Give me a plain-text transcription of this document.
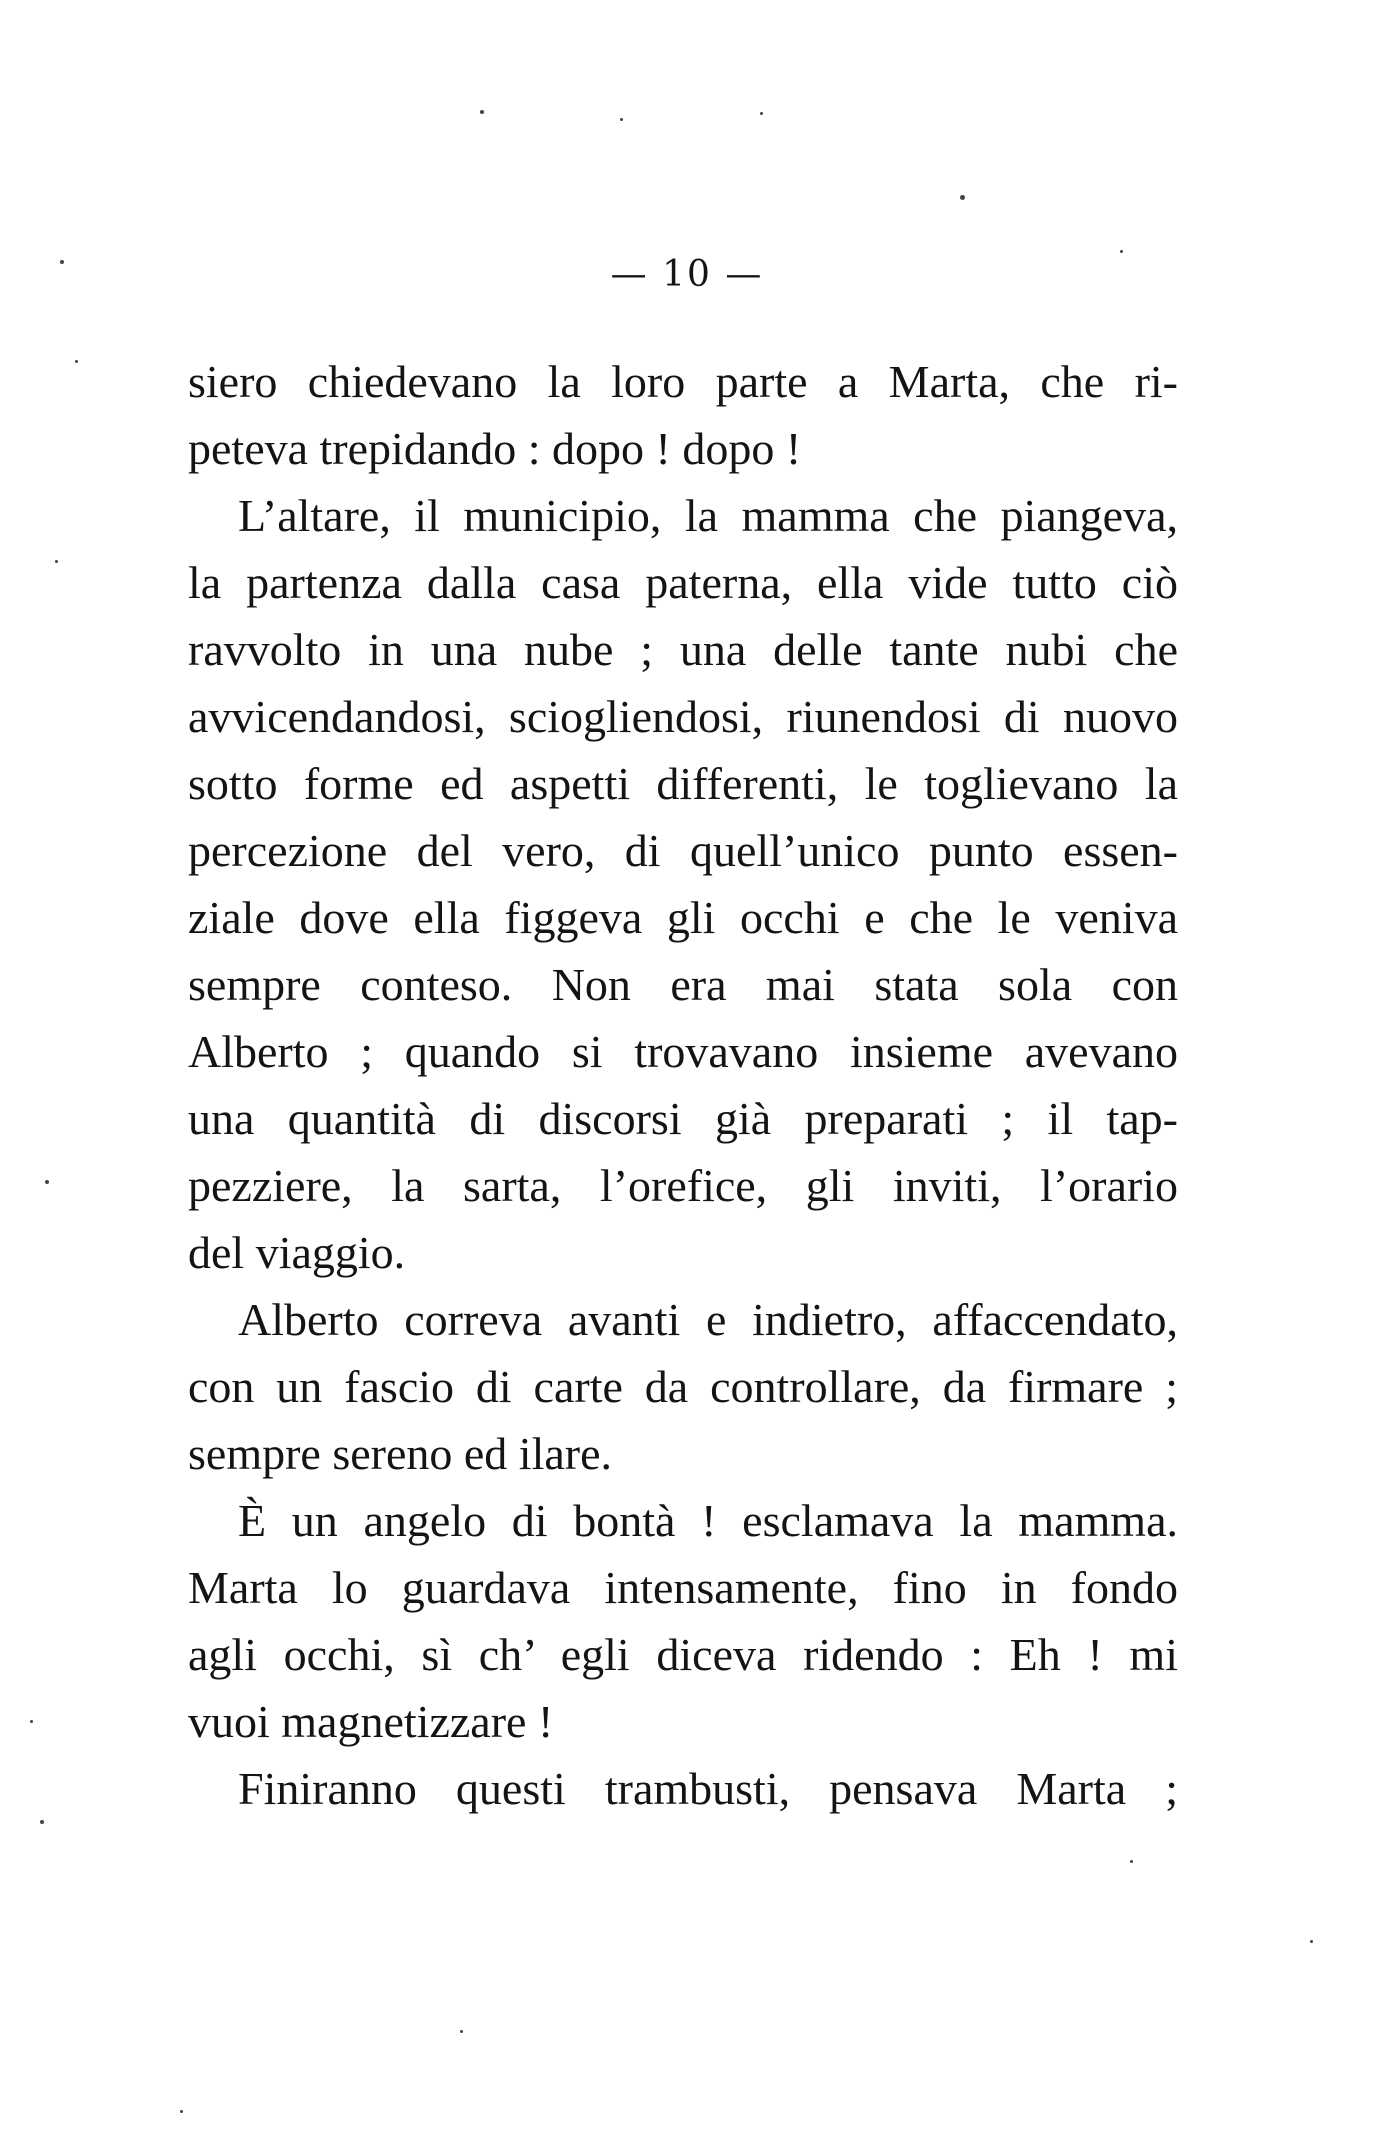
— 10 —
siero chiedevano la loro parte a Marta, che ri-
peteva trepidando : dopo ! dopo !
L’altare, il municipio, la mamma che piangeva,
la partenza dalla casa paterna, ella vide tutto ciò
ravvolto in una nube ; una delle tante nubi che
avvicendandosi, sciogliendosi, riunendosi di nuovo
sotto forme ed aspetti differenti, le toglievano la
percezione del vero, di quell’unico punto essen-
ziale dove ella figgeva gli occhi e che le veniva
sempre conteso. Non era mai stata sola con
Alberto ; quando si trovavano insieme avevano
una quantità di discorsi già preparati ; il tap-
pezziere, la sarta, l’orefice, gli inviti, l’orario
del viaggio.
Alberto correva avanti e indietro, affaccendato,
con un fascio di carte da controllare, da firmare ;
sempre sereno ed ilare.
È un angelo di bontà ! esclamava la mamma.
Marta lo guardava intensamente, fino in fondo
agli occhi, sì ch’ egli diceva ridendo : Eh ! mi
vuoi magnetizzare !
Finiranno questi trambusti, pensava Marta ;
